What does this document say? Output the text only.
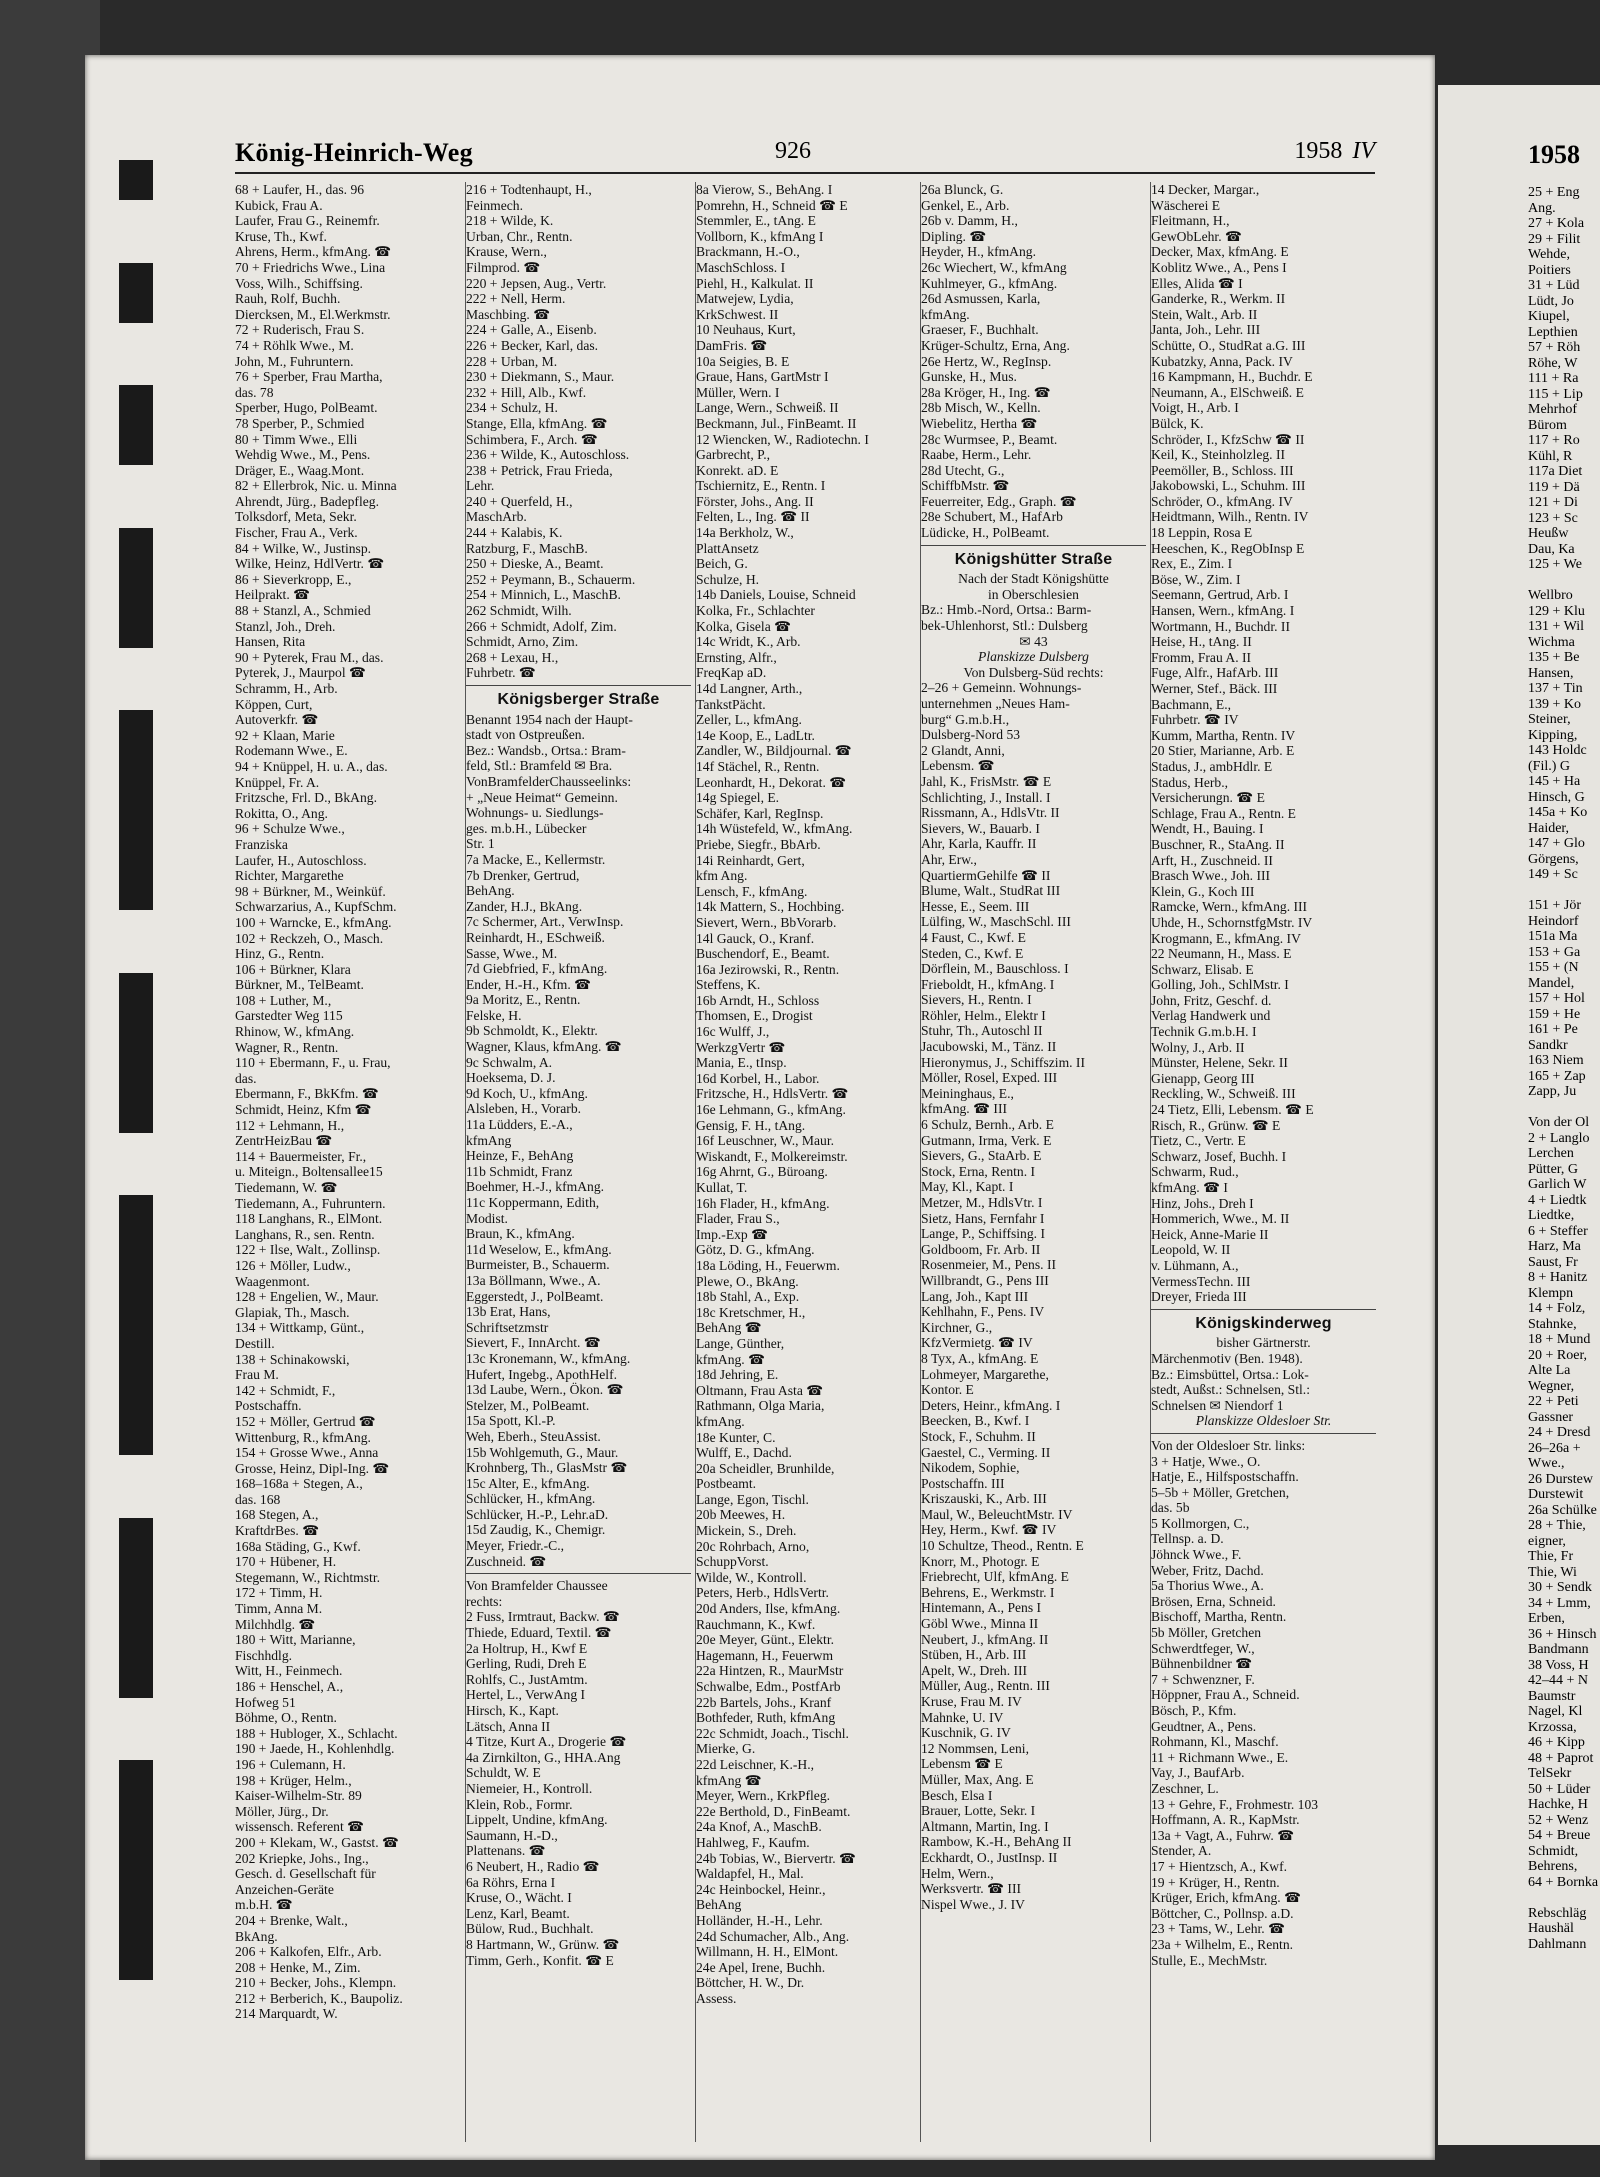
1958
25 + Eng
Ang.
27 + Kola
29 + Filit
Wehde,
Poitiers
31 + Lüd
Lüdt, Jo
Kiupel,
Lepthien
57 + Röh
Röhe, W
111 + Ra
115 + Lip
Mehrhof
Bürom
117 + Ro
Kühl, R
117a Diet
119 + Dä
121 + Di
123 + Sc
Heußw
Dau, Ka
125 + We

Wellbro
129 + Klu
131 + Wil
Wichma
135 + Be
Hansen,
137 + Tin
139 + Ko
Steiner,
Kipping,
143 Holdc
(Fil.) G
145 + Ha
Hinsch, G
145a + Ko
Haider,
147 + Glo
Görgens,
149 + Sc

151 + Jör
Heindorf
151a Ma
153 + Ga
155 + (N
Mandel,
157 + Hol
159 + He
161 + Pe
Sandkr
163 Niem
165 + Zap
Zapp, Ju

Von der Ol
2 + Langlo
Lerchen
Pütter, G
Garlich W
4 + Liedtk
Liedtke,
6 + Steffer
Harz, Ma
Saust, Fr
8 + Hanitz
Klempn
14 + Folz,
Stahnke,
18 + Mund
20 + Roer,
Alte La
Wegner,
22 + Peti
Gassner
24 + Dresd
26–26a +
Wwe.,
26 Durstew
Durstewit
26a Schülke
28 + Thie,
eigner,
Thie, Fr
Thie, Wi
30 + Sendk
34 + Lmm,
Erben,
36 + Hinsch
Bandmann
38 Voss, H
42–44 + N
Baumstr
Nagel, Kl
Krzossa,
46 + Kipp
48 + Paprot
TelSekr
50 + Lüder
Hachke, H
52 + Wenz
54 + Breue
Schmidt,
Behrens,
64 + Bornka

Rebschläg
Haushäl
Dahlmann
König-Heinrich-Weg	926	1958 IV
68 + Laufer, H., das. 96
Kubick, Frau A.
Laufer, Frau G., Reinemfr.
Kruse, Th., Kwf.
Ahrens, Herm., kfmAng. ☎
70 + Friedrichs Wwe., Lina
Voss, Wilh., Schiffsing.
Rauh, Rolf, Buchh.
Diercksen, M., El.Werkmstr.
72 + Ruderisch, Frau S.
74 + Röhlk Wwe., M.
John, M., Fuhruntern.
76 + Sperber, Frau Martha,
das. 78
Sperber, Hugo, PolBeamt.
78 Sperber, P., Schmied
80 + Timm Wwe., Elli
Wehdig Wwe., M., Pens.
Dräger, E., Waag.Mont.
82 + Ellerbrok, Nic. u. Minna
Ahrendt, Jürg., Badepfleg.
Tolksdorf, Meta, Sekr.
Fischer, Frau A., Verk.
84 + Wilke, W., Justinsp.
Wilke, Heinz, HdlVertr. ☎
86 + Sieverkropp, E.,
Heilprakt. ☎
88 + Stanzl, A., Schmied
Stanzl, Joh., Dreh.
Hansen, Rita
90 + Pyterek, Frau M., das.
Pyterek, J., Maurpol ☎
Schramm, H., Arb.
Köppen, Curt,
Autoverkfr. ☎
92 + Klaan, Marie
Rodemann Wwe., E.
94 + Knüppel, H. u. A., das.
Knüppel, Fr. A.
Fritzsche, Frl. D., BkAng.
Rokitta, O., Ang.
96 + Schulze Wwe.,
Franziska
Laufer, H., Autoschloss.
Richter, Margarethe
98 + Bürkner, M., Weinküf.
Schwarzarius, A., KupfSchm.
100 + Warncke, E., kfmAng.
102 + Reckzeh, O., Masch.
Hinz, G., Rentn.
106 + Bürkner, Klara
Bürkner, M., TelBeamt.
108 + Luther, M.,
Garstedter Weg 115
Rhinow, W., kfmAng.
Wagner, R., Rentn.
110 + Ebermann, F., u. Frau,
das.
Ebermann, F., BkKfm. ☎
Schmidt, Heinz, Kfm ☎
112 + Lehmann, H.,
ZentrHeizBau ☎
114 + Bauermeister, Fr.,
u. Miteign., Boltensallee15
Tiedemann, W. ☎
Tiedemann, A., Fuhruntern.
118 Langhans, R., ElMont.
Langhans, R., sen. Rentn.
122 + Ilse, Walt., Zollinsp.
126 + Möller, Ludw.,
Waagenmont.
128 + Engelien, W., Maur.
Glapiak, Th., Masch.
134 + Wittkamp, Günt.,
Destill.
138 + Schinakowski,
Frau M.
142 + Schmidt, F.,
Postschaffn.
152 + Möller, Gertrud ☎
Wittenburg, R., kfmAng.
154 + Grosse Wwe., Anna
Grosse, Heinz, Dipl-Ing. ☎
168–168a + Stegen, A.,
das. 168
168 Stegen, A.,
KraftdrBes. ☎
168a Städing, G., Kwf.
170 + Hübener, H.
Stegemann, W., Richtmstr.
172 + Timm, H.
Timm, Anna M.
Milchhdlg. ☎
180 + Witt, Marianne,
Fischhdlg.
Witt, H., Feinmech.
186 + Henschel, A.,
Hofweg 51
Böhme, O., Rentn.
188 + Hubloger, X., Schlacht.
190 + Jaede, H., Kohlenhdlg.
196 + Culemann, H.
198 + Krüger, Helm.,
Kaiser-Wilhelm-Str. 89
Möller, Jürg., Dr.
wissensch. Referent ☎
200 + Klekam, W., Gastst. ☎
202 Kriepke, Johs., Ing.,
Gesch. d. Gesellschaft für
Anzeichen-Geräte
m.b.H. ☎
204 + Brenke, Walt.,
BkAng.
206 + Kalkofen, Elfr., Arb.
208 + Henke, M., Zim.
210 + Becker, Johs., Klempn.
212 + Berberich, K., Baupoliz.
214 Marquardt, W.
216 + Todtenhaupt, H.,
Feinmech.
218 + Wilde, K.
Urban, Chr., Rentn.
Krause, Wern.,
Filmprod. ☎
220 + Jepsen, Aug., Vertr.
222 + Nell, Herm.
Maschbing. ☎
224 + Galle, A., Eisenb.
226 + Becker, Karl, das.
228 + Urban, M.
230 + Diekmann, S., Maur.
232 + Hill, Alb., Kwf.
234 + Schulz, H.
Stange, Ella, kfmAng. ☎
Schimbera, F., Arch. ☎
236 + Wilde, K., Autoschloss.
238 + Petrick, Frau Frieda,
Lehr.
240 + Querfeld, H.,
MaschArb.
244 + Kalabis, K.
Ratzburg, F., MaschB.
250 + Dieske, A., Beamt.
252 + Peymann, B., Schauerm.
254 + Minnich, L., MaschB.
262 Schmidt, Wilh.
266 + Schmidt, Adolf, Zim.
Schmidt, Arno, Zim.
268 + Lexau, H.,
Fuhrbetr. ☎
Königsberger Straße
Benannt 1954 nach der Haupt-
stadt von Ostpreußen.
Bez.: Wandsb., Ortsa.: Bram-
feld, Stl.: Bramfeld ✉ Bra.
VonBramfelderChausseelinks:
+ „Neue Heimat“ Gemeinn.
Wohnungs- u. Siedlungs-
ges. m.b.H., Lübecker
Str. 1
7a Macke, E., Kellermstr.
7b Drenker, Gertrud,
BehAng.
Zander, H.J., BkAng.
7c Schermer, Art., VerwInsp.
Reinhardt, H., ESchweiß.
Sasse, Wwe., M.
7d Giebfried, F., kfmAng.
Ender, H.-H., Kfm. ☎
9a Moritz, E., Rentn.
Felske, H.
9b Schmoldt, K., Elektr.
Wagner, Klaus, kfmAng. ☎
9c Schwalm, A.
Hoeksema, D. J.
9d Koch, U., kfmAng.
Alsleben, H., Vorarb.
11a Lüdders, E.-A.,
kfmAng
Heinze, F., BehAng
11b Schmidt, Franz
Boehmer, H.-J., kfmAng.
11c Koppermann, Edith,
Modist.
Braun, K., kfmAng.
11d Weselow, E., kfmAng.
Burmeister, B., Schauerm.
13a Böllmann, Wwe., A.
Eggerstedt, J., PolBeamt.
13b Erat, Hans,
Schriftsetzmstr
Sievert, F., InnArcht. ☎
13c Kronemann, W., kfmAng.
Hufert, Ingebg., ApothHelf.
13d Laube, Wern., Ökon. ☎
Stelzer, M., PolBeamt.
15a Spott, Kl.-P.
Weh, Eberh., SteuAssist.
15b Wohlgemuth, G., Maur.
Krohnberg, Th., GlasMstr ☎
15c Alter, E., kfmAng.
Schlücker, H., kfmAng.
Schlücker, H.-P., Lehr.aD.
15d Zaudig, K., Chemigr.
Meyer, Friedr.-C.,
Zuschneid. ☎
Von Bramfelder Chaussee
rechts:
2 Fuss, Irmtraut, Backw. ☎
Thiede, Eduard, Textil. ☎
2a Holtrup, H., Kwf E
Gerling, Rudi, Dreh E
Rohlfs, C., JustAmtm.
Hertel, L., VerwAng I
Hirsch, K., Kapt.
Lätsch, Anna II
4 Titze, Kurt A., Drogerie ☎
4a Zirnkilton, G., HHA.Ang
Schuldt, W. E
Niemeier, H., Kontroll.
Klein, Rob., Formr.
Lippelt, Undine, kfmAng.
Saumann, H.-D.,
Plattenans. ☎
6 Neubert, H., Radio ☎
6a Röhrs, Erna I
Kruse, O., Wächt. I
Lenz, Karl, Beamt.
Bülow, Rud., Buchhalt.
8 Hartmann, W., Grünw. ☎
Timm, Gerh., Konfit. ☎ E
8a Vierow, S., BehAng. I
Pomrehn, H., Schneid ☎ E
Stemmler, E., tAng. E
Vollborn, K., kfmAng I
Brackmann, H.-O.,
MaschSchloss. I
Piehl, H., Kalkulat. II
Matwejew, Lydia,
KrkSchwest. II
10 Neuhaus, Kurt,
DamFris. ☎
10a Seigies, B. E
Graue, Hans, GartMstr I
Müller, Wern. I
Lange, Wern., Schweiß. II
Beckmann, Jul., FinBeamt. II
12 Wiencken, W., Radiotechn. I
Garbrecht, P.,
Konrekt. aD. E
Tschiernitz, E., Rentn. I
Förster, Johs., Ang. II
Felten, L., Ing. ☎ II
14a Berkholz, W.,
PlattAnsetz
Beich, G.
Schulze, H.
14b Daniels, Louise, Schneid
Kolka, Fr., Schlachter
Kolka, Gisela ☎
14c Wridt, K., Arb.
Ernsting, Alfr.,
FreqKap aD.
14d Langner, Arth.,
TankstPächt.
Zeller, L., kfmAng.
14e Koop, E., LadLtr.
Zandler, W., Bildjournal. ☎
14f Stächel, R., Rentn.
Leonhardt, H., Dekorat. ☎
14g Spiegel, E.
Schäfer, Karl, RegInsp.
14h Wüstefeld, W., kfmAng.
Priebe, Siegfr., BbArb.
14i Reinhardt, Gert,
kfm Ang.
Lensch, F., kfmAng.
14k Mattern, S., Hochbing.
Sievert, Wern., BbVorarb.
14l Gauck, O., Kranf.
Buschendorf, E., Beamt.
16a Jezirowski, R., Rentn.
Steffens, K.
16b Arndt, H., Schloss
Thomsen, E., Drogist
16c Wulff, J.,
WerkzgVertr ☎
Mania, E., tInsp.
16d Korbel, H., Labor.
Fritzsche, H., HdlsVertr. ☎
16e Lehmann, G., kfmAng.
Gensig, F. H., tAng.
16f Leuschner, W., Maur.
Wiskandt, F., Molkereimstr.
16g Ahrnt, G., Büroang.
Kullat, T.
16h Flader, H., kfmAng.
Flader, Frau S.,
Imp.-Exp ☎
Götz, D. G., kfmAng.
18a Löding, H., Feuerwm.
Plewe, O., BkAng.
18b Stahl, A., Exp.
18c Kretschmer, H.,
BehAng ☎
Lange, Günther,
kfmAng. ☎
18d Jehring, E.
Oltmann, Frau Asta ☎
Rathmann, Olga Maria,
kfmAng.
18e Kunter, C.
Wulff, E., Dachd.
20a Scheidler, Brunhilde,
Postbeamt.
Lange, Egon, Tischl.
20b Meewes, H.
Mickein, S., Dreh.
20c Rohrbach, Arno,
SchuppVorst.
Wilde, W., Kontroll.
Peters, Herb., HdlsVertr.
20d Anders, Ilse, kfmAng.
Rauchmann, K., Kwf.
20e Meyer, Günt., Elektr.
Hagemann, H., Feuerwm
22a Hintzen, R., MaurMstr
Schwalbe, Edm., PostfArb
22b Bartels, Johs., Kranf
Bothfeder, Ruth, kfmAng
22c Schmidt, Joach., Tischl.
Mierke, G.
22d Leischner, K.-H.,
kfmAng ☎
Meyer, Wern., KrkPfleg.
22e Berthold, D., FinBeamt.
24a Knof, A., MaschB.
Hahlweg, F., Kaufm.
24b Tobias, W., Biervertr. ☎
Waldapfel, H., Mal.
24c Heinbockel, Heinr.,
BehAng
Holländer, H.-H., Lehr.
24d Schumacher, Alb., Ang.
Willmann, H. H., ElMont.
24e Apel, Irene, Buchh.
Böttcher, H. W., Dr.
Assess.
26a Blunck, G.
Genkel, E., Arb.
26b v. Damm, H.,
Dipling. ☎
Heyder, H., kfmAng.
26c Wiechert, W., kfmAng
Kuhlmeyer, G., kfmAng.
26d Asmussen, Karla,
kfmAng.
Graeser, F., Buchhalt.
Krüger-Schultz, Erna, Ang.
26e Hertz, W., RegInsp.
Gunske, H., Mus.
28a Kröger, H., Ing. ☎
28b Misch, W., Kelln.
Wiebelitz, Hertha ☎
28c Wurmsee, P., Beamt.
Raabe, Herm., Lehr.
28d Utecht, G.,
SchiffbMstr. ☎
Feuerreiter, Edg., Graph. ☎
28e Schubert, M., HafArb
Lüdicke, H., PolBeamt.
Königshütter Straße
Nach der Stadt Königshütte
in Oberschlesien
Bz.: Hmb.-Nord, Ortsa.: Barm-
bek-Uhlenhorst, Stl.: Dulsberg
✉ 43
Planskizze Dulsberg
Von Dulsberg-Süd rechts:
2–26 + Gemeinn. Wohnungs-
unternehmen „Neues Ham-
burg“ G.m.b.H.,
Dulsberg-Nord 53
2 Glandt, Anni,
Lebensm. ☎
Jahl, K., FrisMstr. ☎ E
Schlichting, J., Install. I
Rissmann, A., HdlsVtr. II
Sievers, W., Bauarb. I
Ahr, Karla, Kauffr. II
Ahr, Erw.,
QuartiermGehilfe ☎ II
Blume, Walt., StudRat III
Hesse, E., Seem. III
Lülfing, W., MaschSchl. III
4 Faust, C., Kwf. E
Steden, C., Kwf. E
Dörflein, M., Bauschloss. I
Frieboldt, H., kfmAng. I
Sievers, H., Rentn. I
Röhler, Helm., Elektr I
Stuhr, Th., Autoschl II
Jacubowski, M., Tänz. II
Hieronymus, J., Schiffszim. II
Möller, Rosel, Exped. III
Meininghaus, E.,
kfmAng. ☎ III
6 Schulz, Bernh., Arb. E
Gutmann, Irma, Verk. E
Sievers, G., StaArb. E
Stock, Erna, Rentn. I
May, Kl., Kapt. I
Metzer, M., HdlsVtr. I
Sietz, Hans, Fernfahr I
Lange, P., Schiffsing. I
Goldboom, Fr. Arb. II
Rosenmeier, M., Pens. II
Willbrandt, G., Pens III
Lang, Joh., Kapt III
Kehlhahn, F., Pens. IV
Kirchner, G.,
KfzVermietg. ☎ IV
8 Tyx, A., kfmAng. E
Lohmeyer, Margarethe,
Kontor. E
Deters, Heinr., kfmAng. I
Beecken, B., Kwf. I
Stock, F., Schuhm. II
Gaestel, C., Verming. II
Nikodem, Sophie,
Postschaffn. III
Kriszauski, K., Arb. III
Maul, W., BeleuchtMstr. IV
Hey, Herm., Kwf. ☎ IV
10 Schultze, Theod., Rentn. E
Knorr, M., Photogr. E
Friebrecht, Ulf, kfmAng. E
Behrens, E., Werkmstr. I
Hintemann, A., Pens I
Göbl Wwe., Minna II
Neubert, J., kfmAng. II
Stüben, H., Arb. III
Apelt, W., Dreh. III
Müller, Aug., Rentn. III
Kruse, Frau M. IV
Mahnke, U. IV
Kuschnik, G. IV
12 Nommsen, Leni,
Lebensm ☎ E
Müller, Max, Ang. E
Besch, Elsa I
Brauer, Lotte, Sekr. I
Altmann, Martin, Ing. I
Rambow, K.-H., BehAng II
Eckhardt, O., JustInsp. II
Helm, Wern.,
Werksvertr. ☎ III
Nispel Wwe., J. IV
14 Decker, Margar.,
Wäscherei E
Fleitmann, H.,
GewObLehr. ☎
Decker, Max, kfmAng. E
Koblitz Wwe., A., Pens I
Elles, Alida ☎ I
Ganderke, R., Werkm. II
Stein, Walt., Arb. II
Janta, Joh., Lehr. III
Schütte, O., StudRat a.G. III
Kubatzky, Anna, Pack. IV
16 Kampmann, H., Buchdr. E
Neumann, A., ElSchweiß. E
Voigt, H., Arb. I
Bülck, K.
Schröder, I., KfzSchw ☎ II
Keil, K., Steinholzleg. II
Peemöller, B., Schloss. III
Jakobowski, L., Schuhm. III
Schröder, O., kfmAng. IV
Heidtmann, Wilh., Rentn. IV
18 Leppin, Rosa E
Heeschen, K., RegObInsp E
Rex, E., Zim. I
Böse, W., Zim. I
Seemann, Gertrud, Arb. I
Hansen, Wern., kfmAng. I
Wortmann, H., Buchdr. II
Heise, H., tAng. II
Fromm, Frau A. II
Fuge, Alfr., HafArb. III
Werner, Stef., Bäck. III
Bachmann, E.,
Fuhrbetr. ☎ IV
Kumm, Martha, Rentn. IV
20 Stier, Marianne, Arb. E
Stadus, J., ambHdlr. E
Stadus, Herb.,
Versicherungn. ☎ E
Schlage, Frau A., Rentn. E
Wendt, H., Bauing. I
Buschner, R., StaAng. II
Arft, H., Zuschneid. II
Brasch Wwe., Joh. III
Klein, G., Koch III
Ramcke, Wern., kfmAng. III
Uhde, H., SchornstfgMstr. IV
Krogmann, E., kfmAng. IV
22 Neumann, H., Mass. E
Schwarz, Elisab. E
Golling, Joh., SchlMstr. I
John, Fritz, Geschf. d.
Verlag Handwerk und
Technik G.m.b.H. I
Wolny, J., Arb. II
Münster, Helene, Sekr. II
Gienapp, Georg III
Reckling, W., Schweiß. III
24 Tietz, Elli, Lebensm. ☎ E
Risch, R., Grünw. ☎ E
Tietz, C., Vertr. E
Schwarz, Josef, Buchh. I
Schwarm, Rud.,
kfmAng. ☎ I
Hinz, Johs., Dreh I
Hommerich, Wwe., M. II
Heick, Anne-Marie II
Leopold, W. II
v. Lühmann, A.,
VermessTechn. III
Dreyer, Frieda III
Königskinderweg
bisher Gärtnerstr.
Märchenmotiv (Ben. 1948).
Bz.: Eimsbüttel, Ortsa.: Lok-
stedt, Außst.: Schnelsen, Stl.:
Schnelsen ✉ Niendorf 1
Planskizze Oldesloer Str.
Von der Oldesloer Str. links:
3 + Hatje, Wwe., O.
Hatje, E., Hilfspostschaffn.
5–5b + Möller, Gretchen,
das. 5b
5 Kollmorgen, C.,
Tellnsp. a. D.
Jöhnck Wwe., F.
Weber, Fritz, Dachd.
5a Thorius Wwe., A.
Brösen, Erna, Schneid.
Bischoff, Martha, Rentn.
5b Möller, Gretchen
Schwerdtfeger, W.,
Bühnenbildner ☎
7 + Schwenzner, F.
Höppner, Frau A., Schneid.
Bösch, P., Kfm.
Geudtner, A., Pens.
Rohmann, Kl., Maschf.
11 + Richmann Wwe., E.
Vay, J., BaufArb.
Zeschner, L.
13 + Gehre, F., Frohmestr. 103
Hoffmann, A. R., KapMstr.
13a + Vagt, A., Fuhrw. ☎
Stender, A.
17 + Hientzsch, A., Kwf.
19 + Krüger, H., Rentn.
Krüger, Erich, kfmAng. ☎
Böttcher, C., Pollnsp. a.D.
23 + Tams, W., Lehr. ☎
23a + Wilhelm, E., Rentn.
Stulle, E., MechMstr.
